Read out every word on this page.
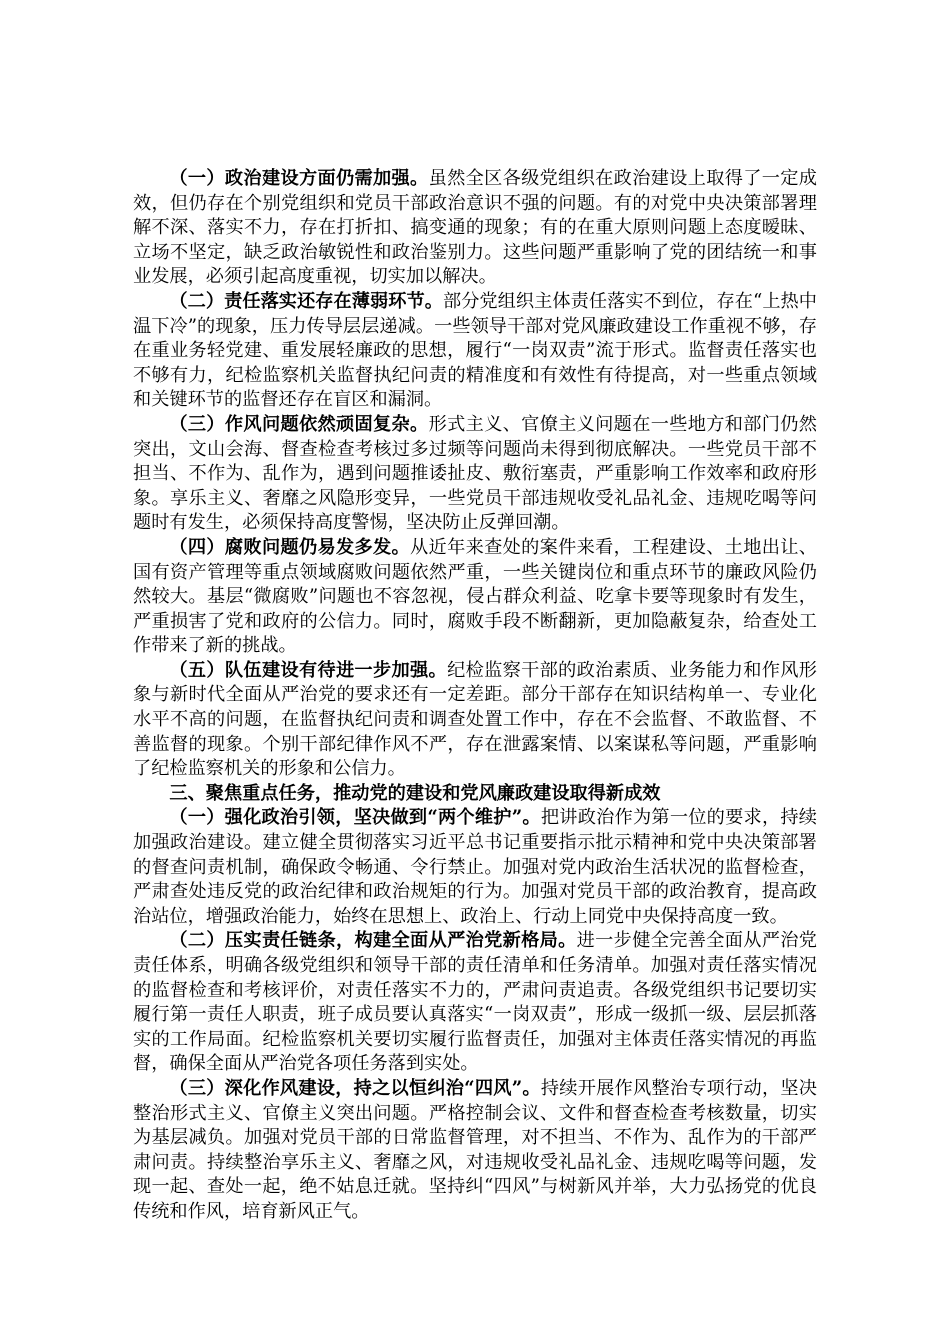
（一）政治建设方面仍需加强。虽然全区各级党组织在政治建设上取得了一定成效，但仍存在个别党组织和党员干部政治意识不强的问题。有的对党中央决策部署理解不深、落实不力，存在打折扣、搞变通的现象；有的在重大原则问题上态度暧昧、立场不坚定，缺乏政治敏锐性和政治鉴别力。这些问题严重影响了党的团结统一和事业发展，必须引起高度重视，切实加以解决。

（二）责任落实还存在薄弱环节。部分党组织主体责任落实不到位，存在“上热中温下冷”的现象，压力传导层层递减。一些领导干部对党风廉政建设工作重视不够，存在重业务轻党建、重发展轻廉政的思想，履行“一岗双责”流于形式。监督责任落实也不够有力，纪检监察机关监督执纪问责的精准度和有效性有待提高，对一些重点领域和关键环节的监督还存在盲区和漏洞。

（三）作风问题依然顽固复杂。形式主义、官僚主义问题在一些地方和部门仍然突出，文山会海、督查检查考核过多过频等问题尚未得到彻底解决。一些党员干部不担当、不作为、乱作为，遇到问题推诿扯皮、敷衍塞责，严重影响工作效率和政府形象。享乐主义、奢靡之风隐形变异，一些党员干部违规收受礼品礼金、违规吃喝等问题时有发生，必须保持高度警惕，坚决防止反弹回潮。

（四）腐败问题仍易发多发。从近年来查处的案件来看，工程建设、土地出让、国有资产管理等重点领域腐败问题依然严重，一些关键岗位和重点环节的廉政风险仍然较大。基层“微腐败”问题也不容忽视，侵占群众利益、吃拿卡要等现象时有发生，严重损害了党和政府的公信力。同时，腐败手段不断翻新，更加隐蔽复杂，给查处工作带来了新的挑战。

（五）队伍建设有待进一步加强。纪检监察干部的政治素质、业务能力和作风形象与新时代全面从严治党的要求还有一定差距。部分干部存在知识结构单一、专业化水平不高的问题，在监督执纪问责和调查处置工作中，存在不会监督、不敢监督、不善监督的现象。个别干部纪律作风不严，存在泄露案情、以案谋私等问题，严重影响了纪检监察机关的形象和公信力。

三、聚焦重点任务，推动党的建设和党风廉政建设取得新成效

（一）强化政治引领，坚决做到“两个维护”。把讲政治作为第一位的要求，持续加强政治建设。建立健全贯彻落实习近平总书记重要指示批示精神和党中央决策部署的督查问责机制，确保政令畅通、令行禁止。加强对党内政治生活状况的监督检查，严肃查处违反党的政治纪律和政治规矩的行为。加强对党员干部的政治教育，提高政治站位，增强政治能力，始终在思想上、政治上、行动上同党中央保持高度一致。

（二）压实责任链条，构建全面从严治党新格局。进一步健全完善全面从严治党责任体系，明确各级党组织和领导干部的责任清单和任务清单。加强对责任落实情况的监督检查和考核评价，对责任落实不力的，严肃问责追责。各级党组织书记要切实履行第一责任人职责，班子成员要认真落实“一岗双责”，形成一级抓一级、层层抓落实的工作局面。纪检监察机关要切实履行监督责任，加强对主体责任落实情况的再监督，确保全面从严治党各项任务落到实处。

（三）深化作风建设，持之以恒纠治“四风”。持续开展作风整治专项行动，坚决整治形式主义、官僚主义突出问题。严格控制会议、文件和督查检查考核数量，切实为基层减负。加强对党员干部的日常监督管理，对不担当、不作为、乱作为的干部严肃问责。持续整治享乐主义、奢靡之风，对违规收受礼品礼金、违规吃喝等问题，发现一起、查处一起，绝不姑息迁就。坚持纠“四风”与树新风并举，大力弘扬党的优良传统和作风，培育新风正气。
